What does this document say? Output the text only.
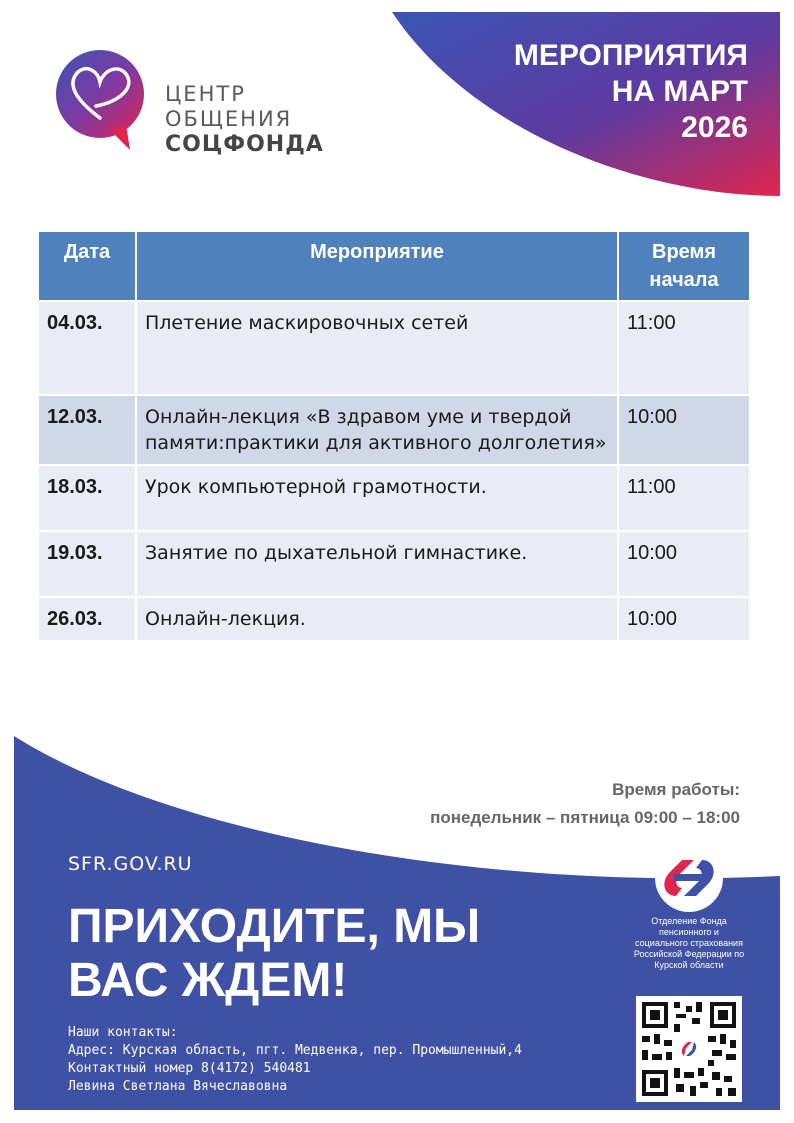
ЦЕНТР
ОБЩЕНИЯ
СОЦФОНДА
МЕРОПРИЯТИЯ
НА МАРТ
2026
Дата	Мероприятие	Время начала
04.03.	Плетение маскировочных сетей	11:00
12.03.	Онлайн-лекция «В здравом уме и твердой памяти:практики для активного долголетия»	10:00
18.03.	Урок компьютерной грамотности.	11:00
19.03.	Занятие по дыхательной гимнастике.	10:00
26.03.	Онлайн-лекция.	10:00
Время работы:
понедельник – пятница 09:00 – 18:00
SFR.GOV.RU
ПРИХОДИТЕ, МЫ
ВАС ЖДЕМ!
Наши контакты:
Адрес: Курская область, пгт. Медвенка, пер. Промышленный,4
Контактный номер 8(4172) 540481
Левина Светлана Вячеславовна
Отделение Фонда пенсионного и социального страхования Российской Федерации по Курской области
